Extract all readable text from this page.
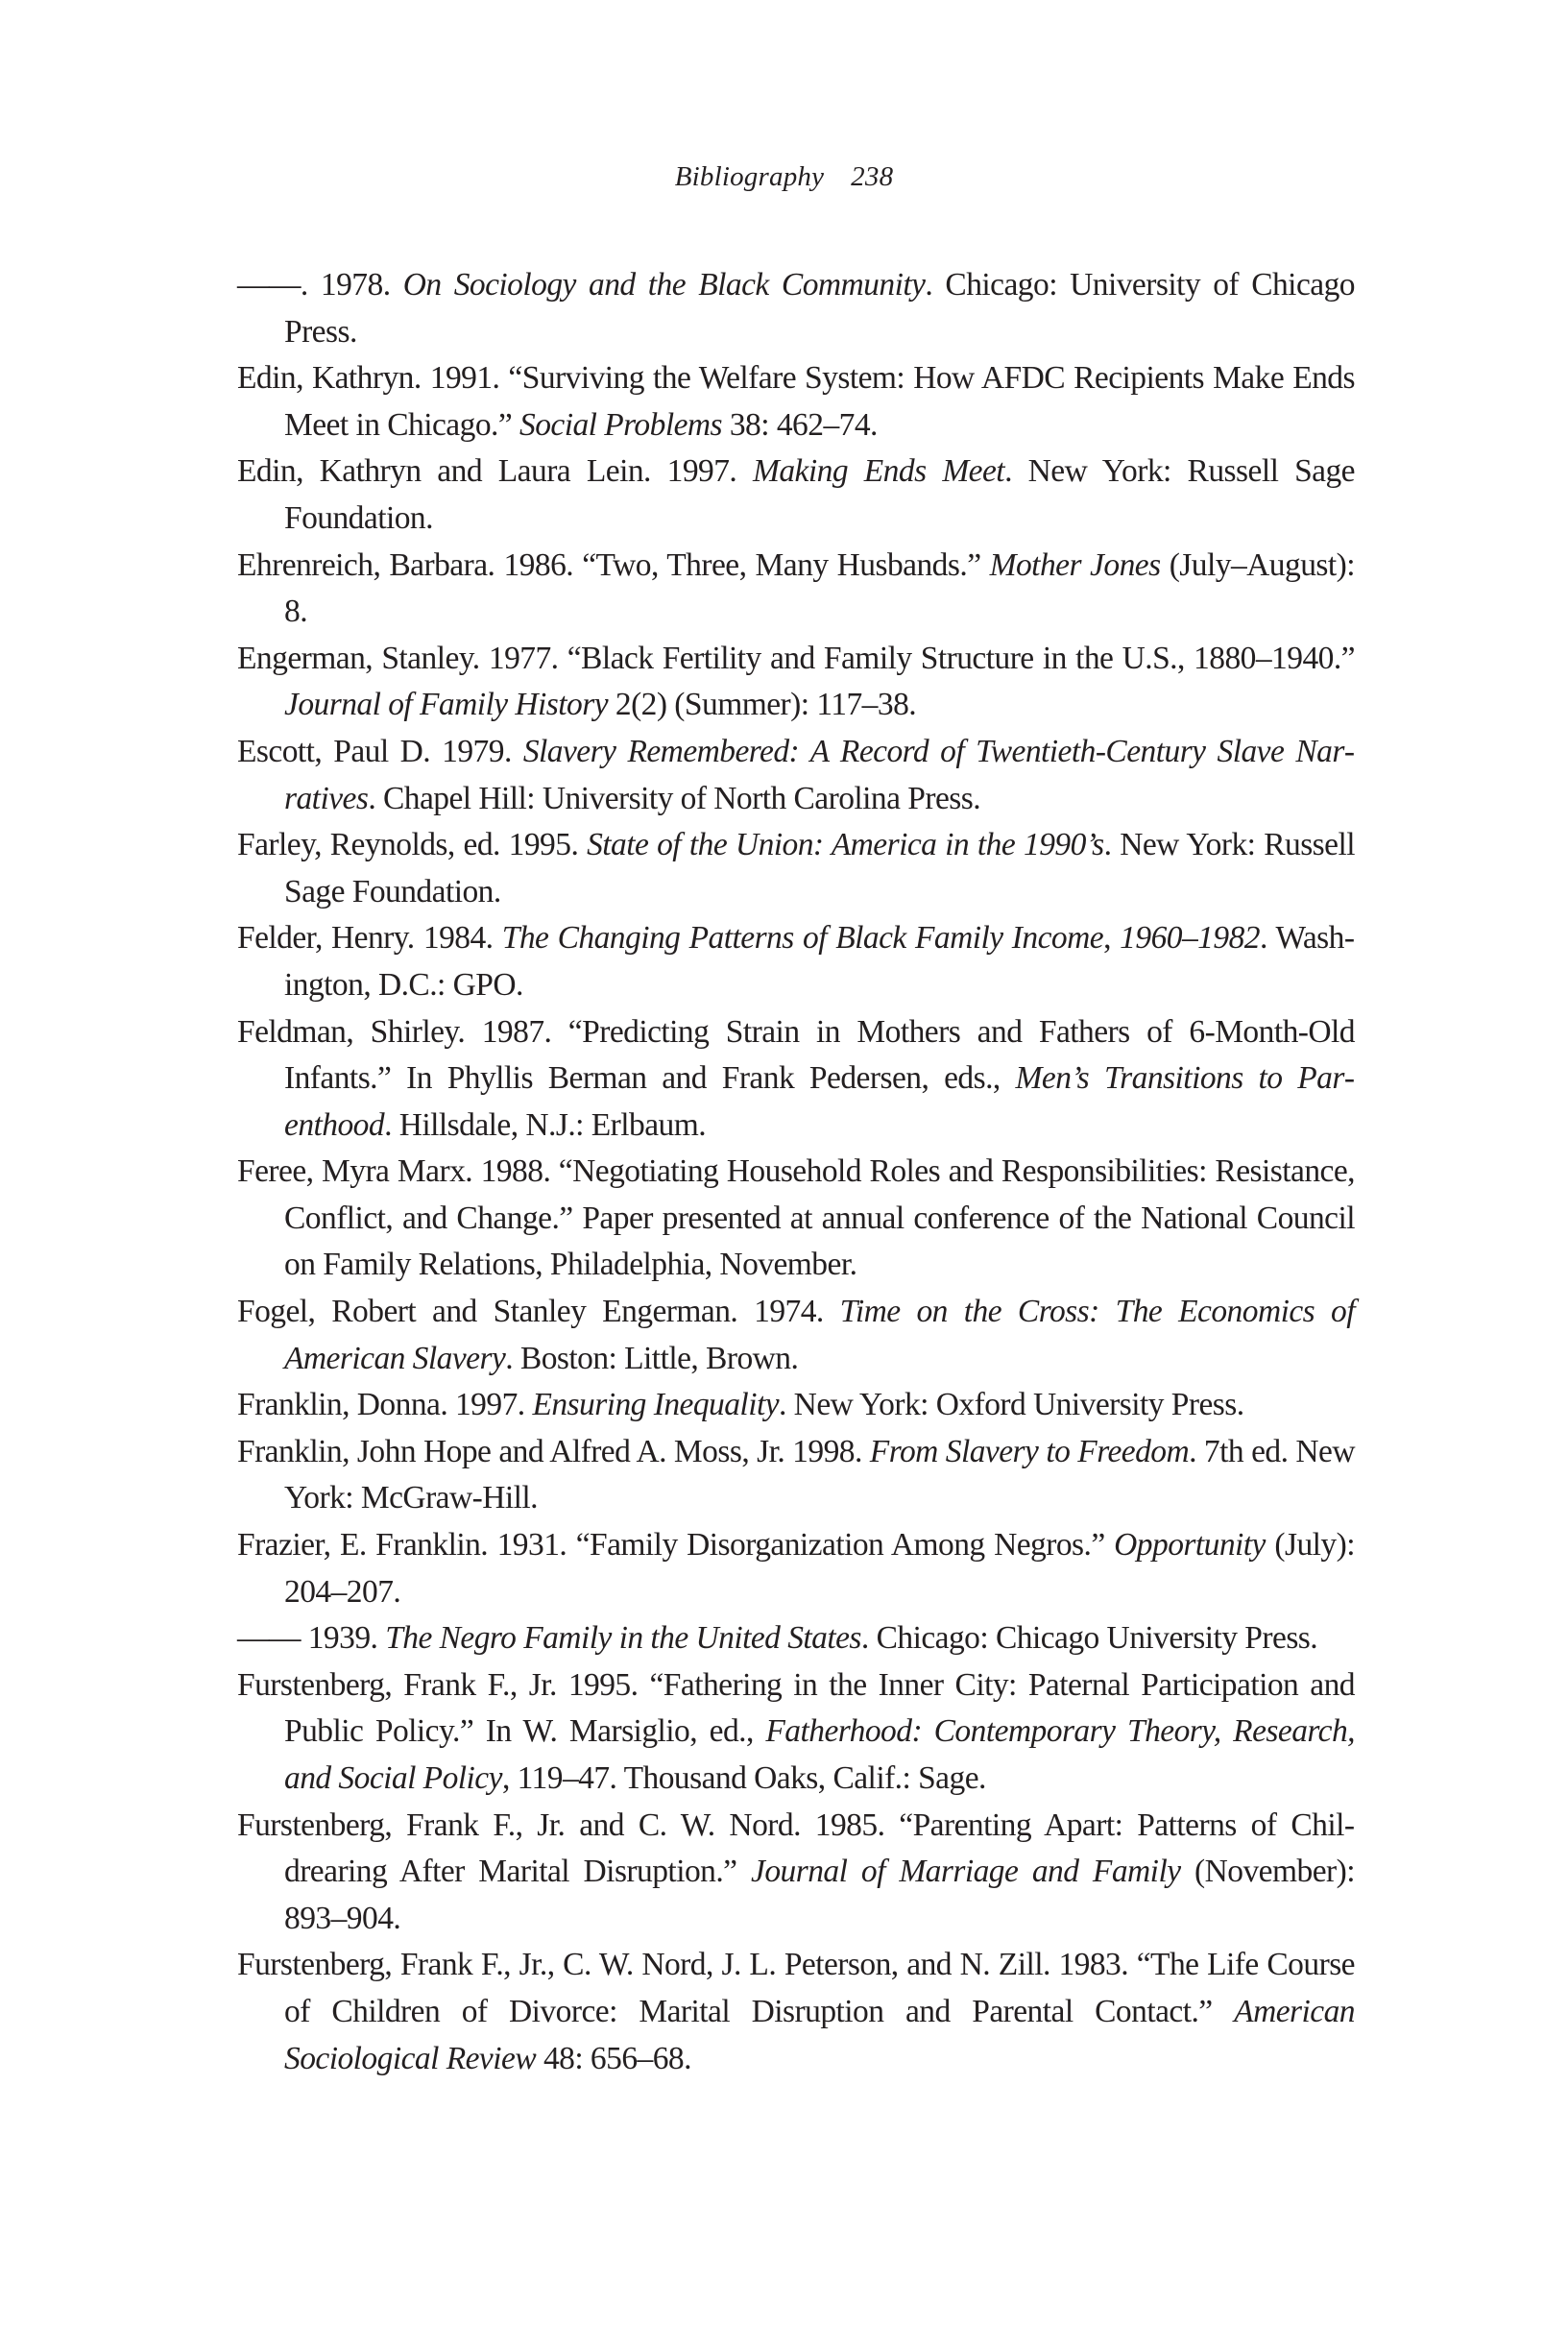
Bibliography 238

——. 1978. On Sociology and the Black Community. Chicago: University of Chicago Press.

Edin, Kathryn. 1991. “Surviving the Welfare System: How AFDC Recipients Make Ends Meet in Chicago.” Social Problems 38: 462–74.

Edin, Kathryn and Laura Lein. 1997. Making Ends Meet. New York: Russell Sage Foundation.

Ehrenreich, Barbara. 1986. “Two, Three, Many Husbands.” Mother Jones (July–August): 8.

Engerman, Stanley. 1977. “Black Fertility and Family Structure in the U.S., 1880–1940.” Journal of Family History 2(2) (Summer): 117–38.

Escott, Paul D. 1979. Slavery Remembered: A Record of Twentieth-Century Slave Narratives. Chapel Hill: University of North Carolina Press.

Farley, Reynolds, ed. 1995. State of the Union: America in the 1990’s. New York: Russell Sage Foundation.

Felder, Henry. 1984. The Changing Patterns of Black Family Income, 1960–1982. Washington, D.C.: GPO.

Feldman, Shirley. 1987. “Predicting Strain in Mothers and Fathers of 6-Month-Old Infants.” In Phyllis Berman and Frank Pedersen, eds., Men’s Transitions to Parenthood. Hillsdale, N.J.: Erlbaum.

Feree, Myra Marx. 1988. “Negotiating Household Roles and Responsibilities: Resistance, Conflict, and Change.” Paper presented at annual conference of the National Council on Family Relations, Philadelphia, November.

Fogel, Robert and Stanley Engerman. 1974. Time on the Cross: The Economics of American Slavery. Boston: Little, Brown.

Franklin, Donna. 1997. Ensuring Inequality. New York: Oxford University Press.

Franklin, John Hope and Alfred A. Moss, Jr. 1998. From Slavery to Freedom. 7th ed. New York: McGraw-Hill.

Frazier, E. Franklin. 1931. “Family Disorganization Among Negros.” Opportunity (July): 204–207.

—— 1939. The Negro Family in the United States. Chicago: Chicago University Press.

Furstenberg, Frank F., Jr. 1995. “Fathering in the Inner City: Paternal Participation and Public Policy.” In W. Marsiglio, ed., Fatherhood: Contemporary Theory, Research, and Social Policy, 119–47. Thousand Oaks, Calif.: Sage.

Furstenberg, Frank F., Jr. and C. W. Nord. 1985. “Parenting Apart: Patterns of Childrearing After Marital Disruption.” Journal of Marriage and Family (November): 893–904.

Furstenberg, Frank F., Jr., C. W. Nord, J. L. Peterson, and N. Zill. 1983. “The Life Course of Children of Divorce: Marital Disruption and Parental Contact.” American Sociological Review 48: 656–68.
